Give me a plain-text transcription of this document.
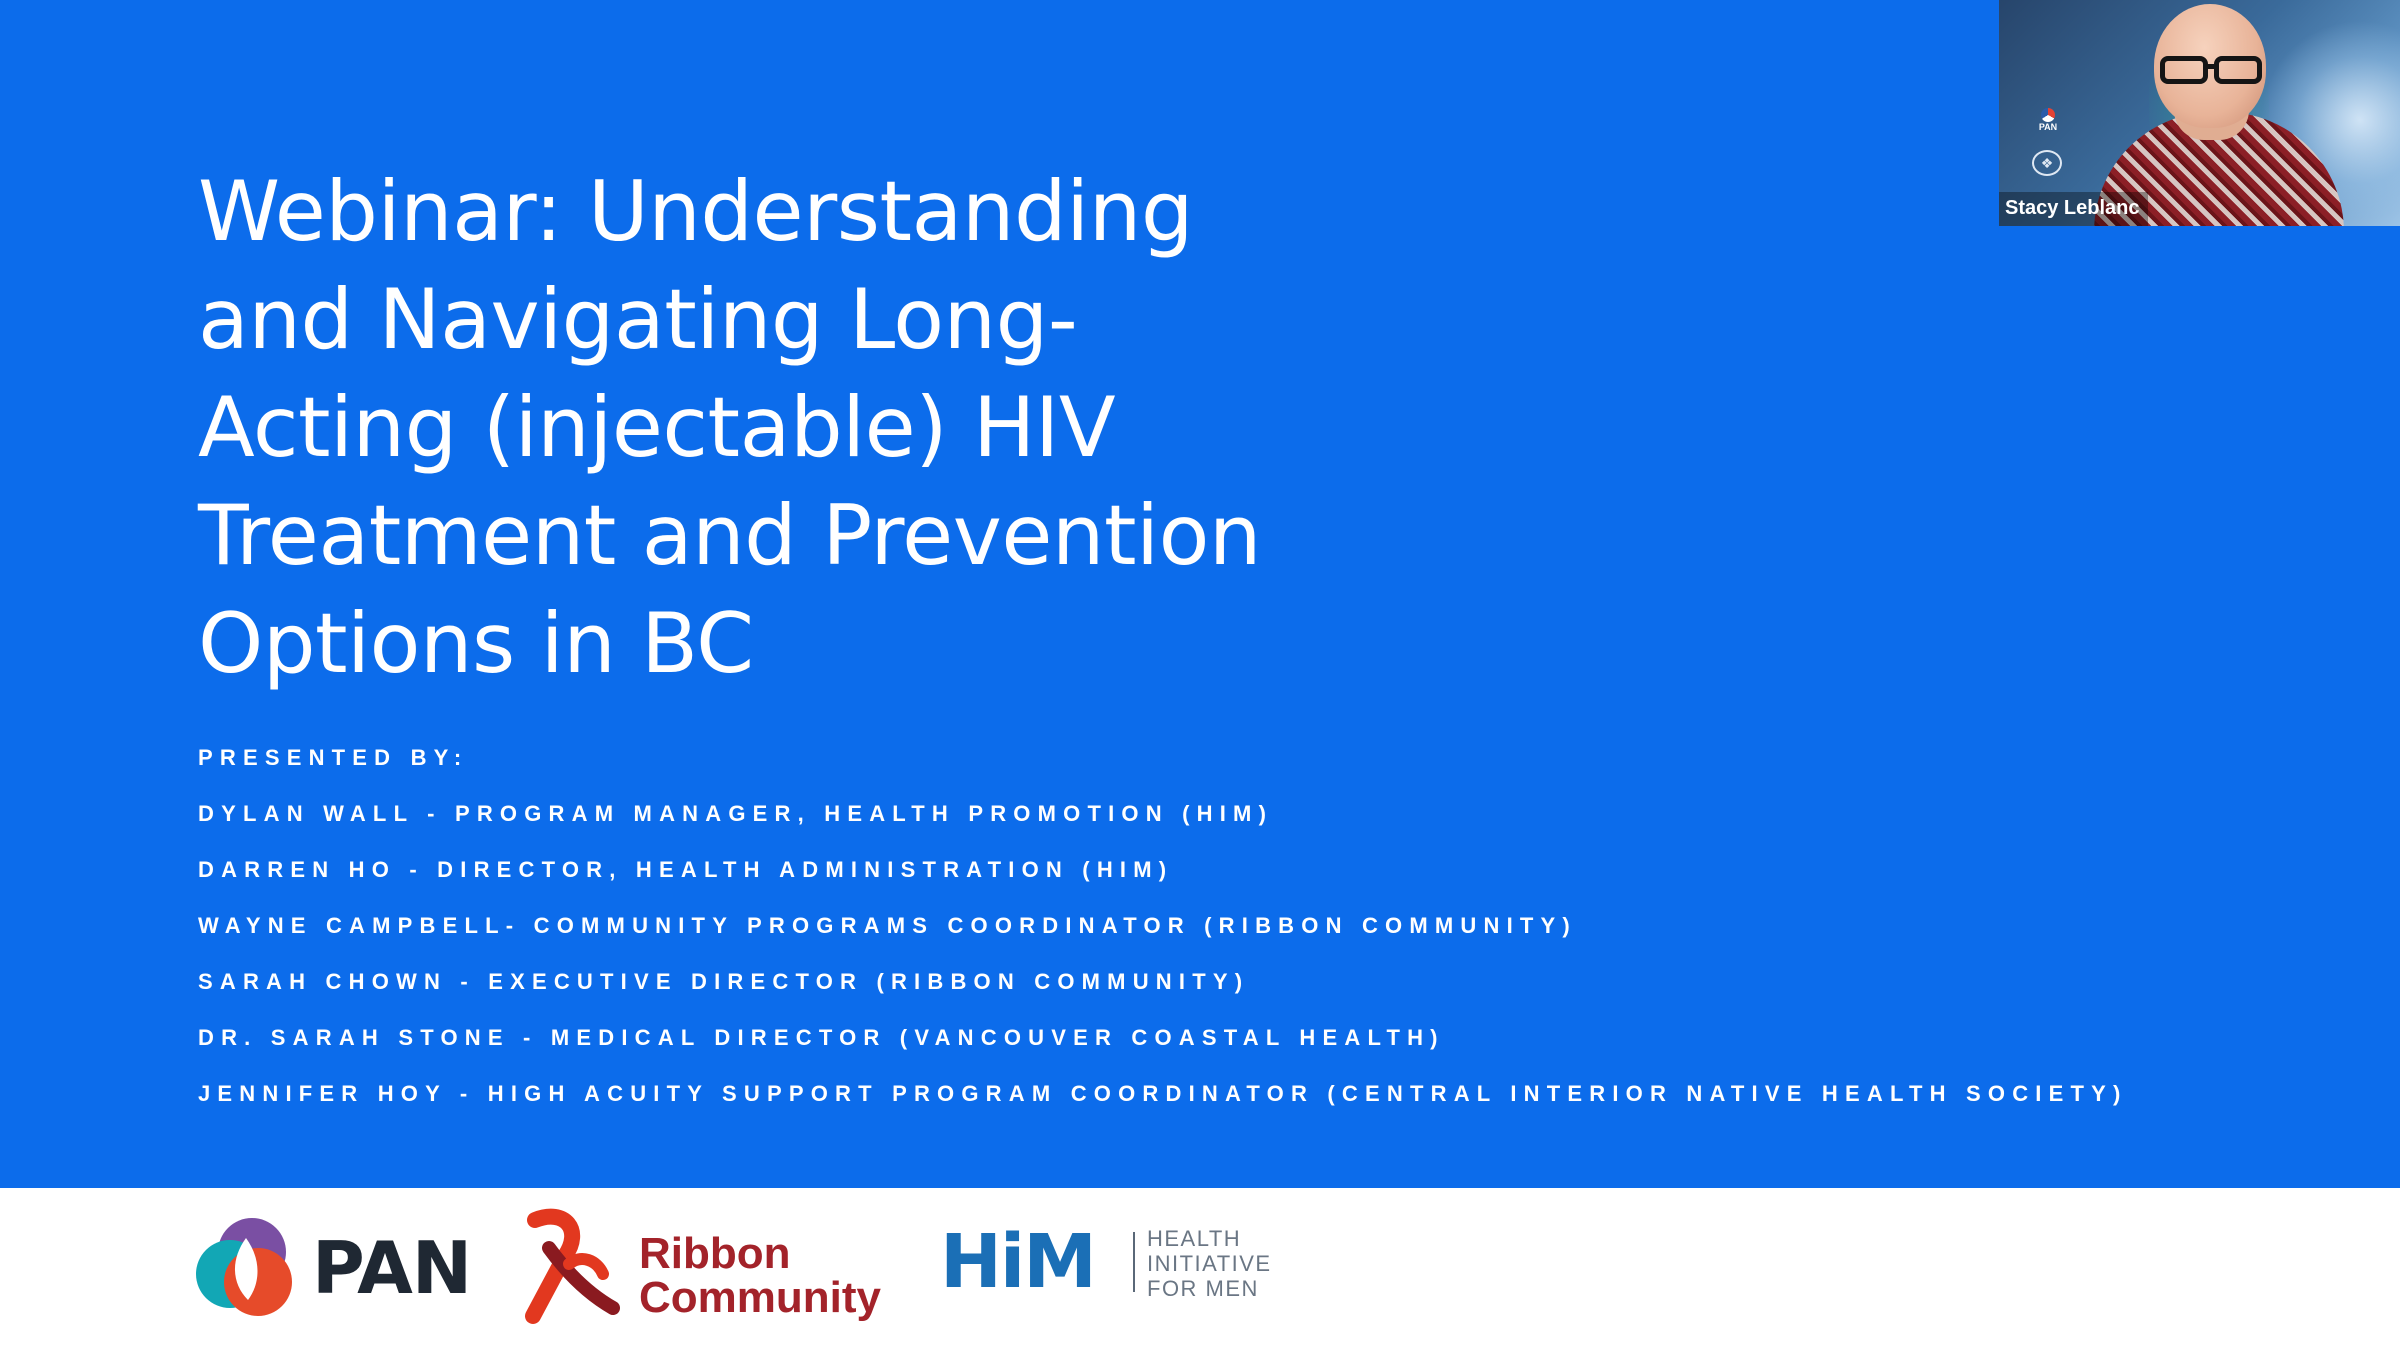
Webinar: Understanding
and Navigating Long-
Acting (injectable) HIV
Treatment and Prevention
Options in BC
PRESENTED BY:
DYLAN WALL - PROGRAM MANAGER, HEALTH PROMOTION (HIM)
DARREN HO - DIRECTOR, HEALTH ADMINISTRATION (HIM)
WAYNE CAMPBELL- COMMUNITY PROGRAMS COORDINATOR (RIBBON COMMUNITY)
SARAH CHOWN - EXECUTIVE DIRECTOR (RIBBON COMMUNITY)
DR. SARAH STONE - MEDICAL DIRECTOR (VANCOUVER COASTAL HEALTH)
JENNIFER HOY - HIGH ACUITY SUPPORT PROGRAM COORDINATOR (CENTRAL INTERIOR NATIVE HEALTH SOCIETY)
PAN	Ribbon
Community HiM HEALTH
INITIATIVE
FOR MEN
PAN
❖
Stacy Leblanc
